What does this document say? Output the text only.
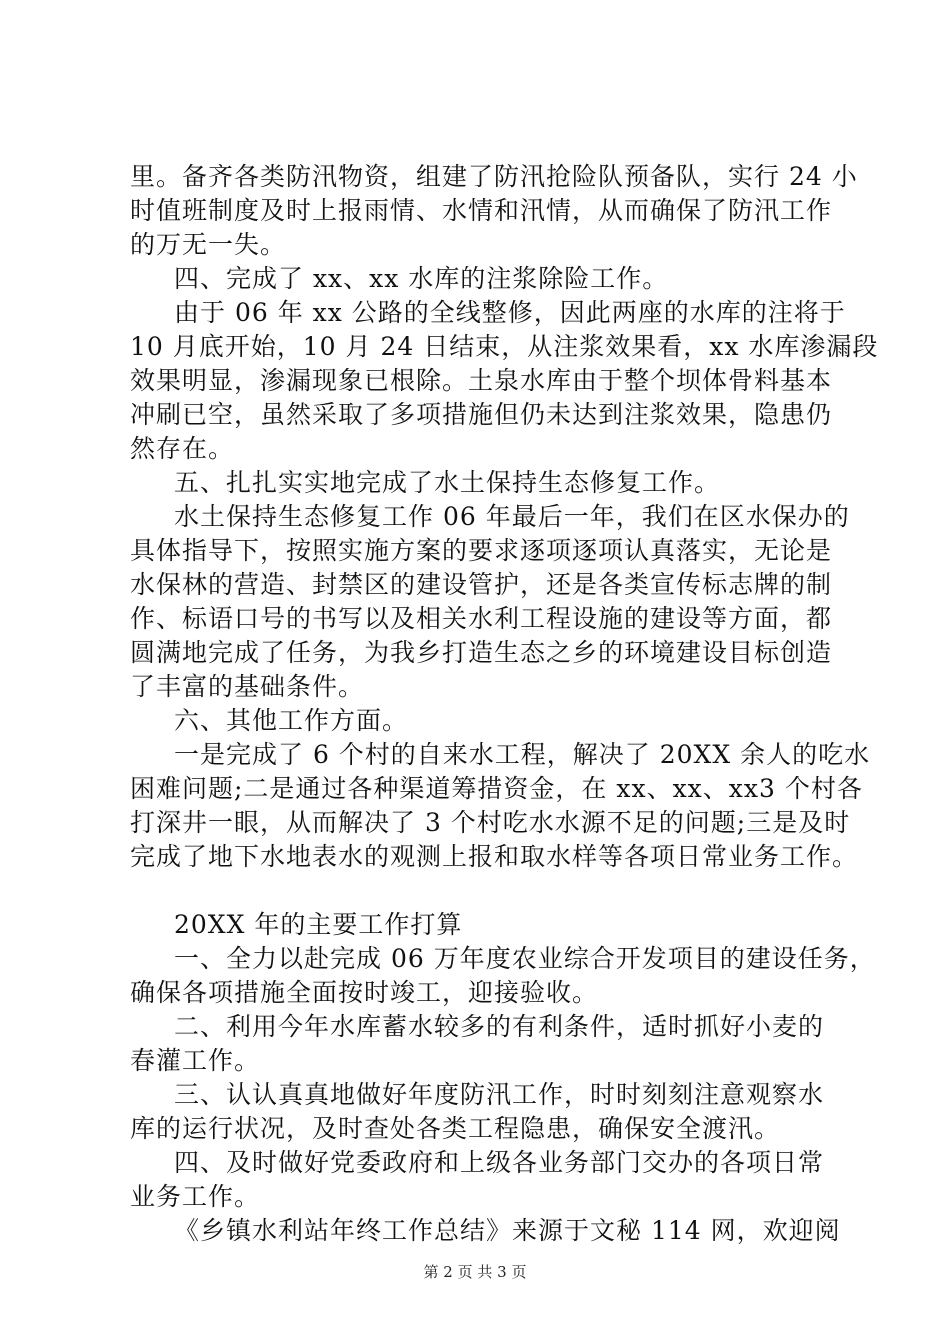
里。备齐各类防汛物资，组建了防汛抢险队预备队，实行 24 小
时值班制度及时上报雨情、水情和汛情，从而确保了防汛工作
的万无一失。
四、完成了 xx、xx 水库的注浆除险工作。
由于 06 年 xx 公路的全线整修，因此两座的水库的注将于
10 月底开始，10 月 24 日结束，从注浆效果看，xx 水库渗漏段
效果明显，渗漏现象已根除。土泉水库由于整个坝体骨料基本
冲刷已空，虽然采取了多项措施但仍未达到注浆效果，隐患仍
然存在。
五、扎扎实实地完成了水土保持生态修复工作。
水土保持生态修复工作 06 年最后一年，我们在区水保办的
具体指导下，按照实施方案的要求逐项逐项认真落实，无论是
水保林的营造、封禁区的建设管护，还是各类宣传标志牌的制
作、标语口号的书写以及相关水利工程设施的建设等方面，都
圆满地完成了任务，为我乡打造生态之乡的环境建设目标创造
了丰富的基础条件。
六、其他工作方面。
一是完成了 6 个村的自来水工程，解决了 20XX 余人的吃水
困难问题;二是通过各种渠道筹措资金，在 xx、xx、xx3 个村各
打深井一眼，从而解决了 3 个村吃水水源不足的问题;三是及时
完成了地下水地表水的观测上报和取水样等各项日常业务工作。
20XX 年的主要工作打算
一、全力以赴完成 06 万年度农业综合开发项目的建设任务，
确保各项措施全面按时竣工，迎接验收。
二、利用今年水库蓄水较多的有利条件，适时抓好小麦的
春灌工作。
三、认认真真地做好年度防汛工作，时时刻刻注意观察水
库的运行状况，及时查处各类工程隐患，确保安全渡汛。
四、及时做好党委政府和上级各业务部门交办的各项日常
业务工作。
《乡镇水利站年终工作总结》来源于文秘 114 网，欢迎阅
第 2 页 共 3 页
